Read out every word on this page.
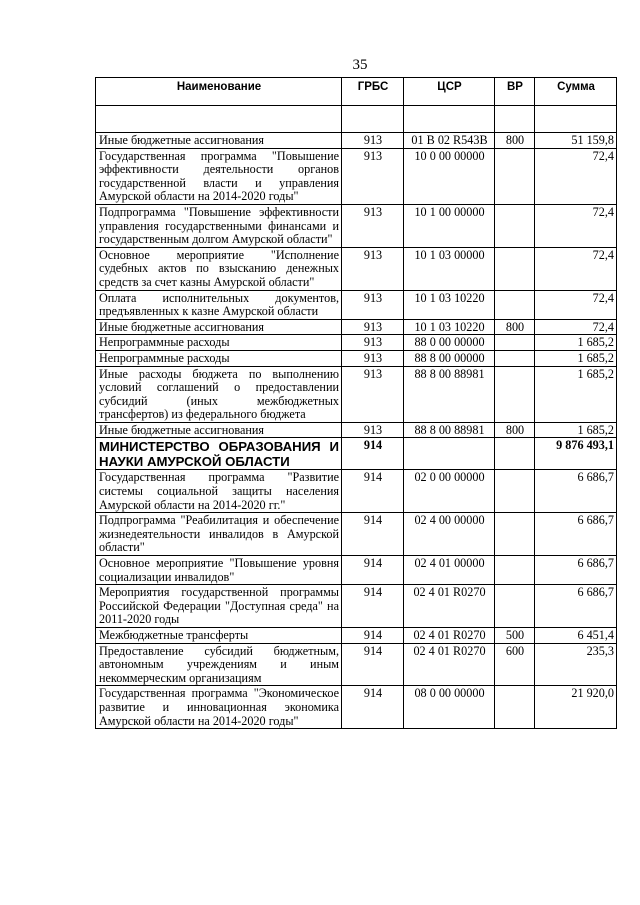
35
Наименование	ГРБС	ЦСР	ВР	Сумма

Иные бюджетные ассигнования	913	01 В 02 R543В	800	51 159,8
Государственная программа "Повышение эффективности деятельности органов государственной власти и управления Амурской области на 2014-2020 годы"	913	10 0 00 00000		72,4
Подпрограмма "Повышение эффективности управления государственными финансами и государственным долгом Амурской области"	913	10 1 00 00000		72,4
Основное мероприятие "Исполнение судебных актов по взысканию денежных средств за счет казны Амурской области"	913	10 1 03 00000		72,4
Оплата исполнительных документов, предъявленных к казне Амурской области	913	10 1 03 10220		72,4
Иные бюджетные ассигнования	913	10 1 03 10220	800	72,4
Непрограммные расходы	913	88 0 00 00000		1 685,2
Непрограммные расходы	913	88 8 00 00000		1 685,2
Иные расходы бюджета по выполнению условий соглашений о предоставлении субсидий (иных межбюджетных трансфертов) из федерального бюджета	913	88 8 00 88981		1 685,2
Иные бюджетные ассигнования	913	88 8 00 88981	800	1 685,2
МИНИСТЕРСТВО ОБРАЗОВАНИЯ И НАУКИ АМУРСКОЙ ОБЛАСТИ	914			9 876 493,1
Государственная программа "Развитие системы социальной защиты населения Амурской области на 2014-2020 гг."	914	02 0 00 00000		6 686,7
Подпрограмма "Реабилитация и обеспечение жизнедеятельности инвалидов в Амурской области"	914	02 4 00 00000		6 686,7
Основное мероприятие "Повышение уровня социализации инвалидов"	914	02 4 01 00000		6 686,7
Мероприятия государственной программы Российской Федерации "Доступная среда" на 2011-2020 годы	914	02 4 01 R0270		6 686,7
Межбюджетные трансферты	914	02 4 01 R0270	500	6 451,4
Предоставление субсидий бюджетным, автономным учреждениям и иным некоммерческим организациям	914	02 4 01 R0270	600	235,3
Государственная программа "Экономическое развитие и инновационная экономика Амурской области на 2014-2020 годы"	914	08 0 00 00000		21 920,0
